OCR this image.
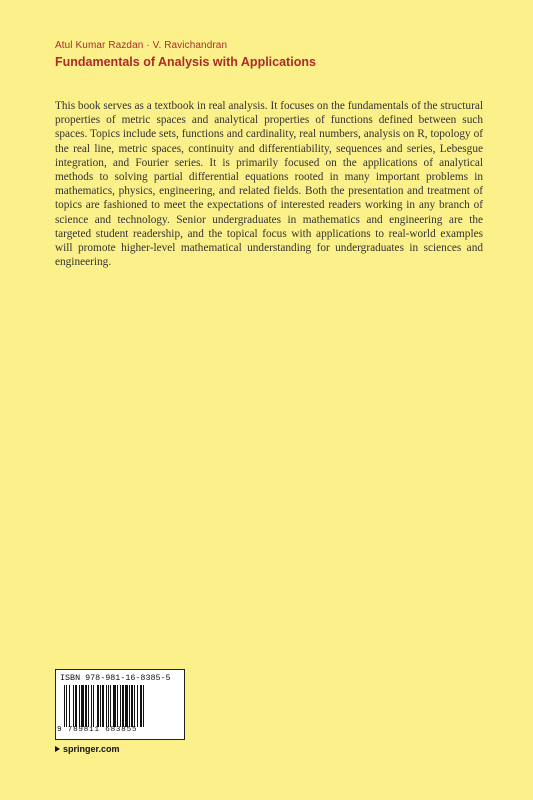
Atul Kumar Razdan · V. Ravichandran
Fundamentals of Analysis with Applications

This book serves as a textbook in real analysis. It focuses on the fundamentals of the structural properties of metric spaces and analytical properties of functions defined between such spaces. Topics include sets, functions and cardinality, real numbers, analysis on R, topology of the real line, metric spaces, continuity and differentiability, sequences and series, Lebesgue integration, and Fourier series. It is primarily focused on the applications of analytical methods to solving partial differential equations rooted in many important problems in mathematics, physics, engineering, and related fields. Both the presentation and treatment of topics are fashioned to meet the expectations of interested readers working in any branch of science and technology. Senior undergraduates in mathematics and engineering are the targeted student readership, and the topical focus with applications to real-world examples will promote higher-level mathematical understanding for undergraduates in sciences and engineering.

ISBN 978-981-16-8385-5
9 789811 683855
springer.com
